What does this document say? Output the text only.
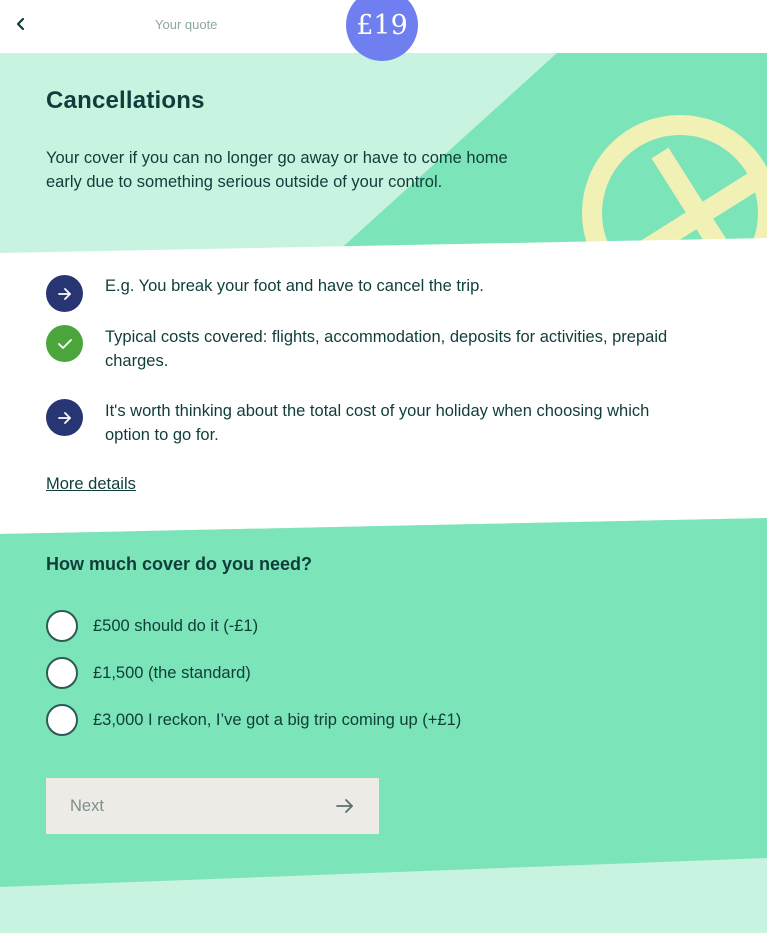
Your quote	£19
Cancellations

Your cover if you can no longer go away or have to come home early due to something serious outside of your control.

E.g. You break your foot and have to cancel the trip.
Typical costs covered: flights, accommodation, deposits for activities, prepaid charges.
It's worth thinking about the total cost of your holiday when choosing which option to go for.
More details
How much cover do you need?
£500 should do it (-£1)
£1,500 (the standard)
£3,000 I reckon, I’ve got a big trip coming up (+£1)
Next
